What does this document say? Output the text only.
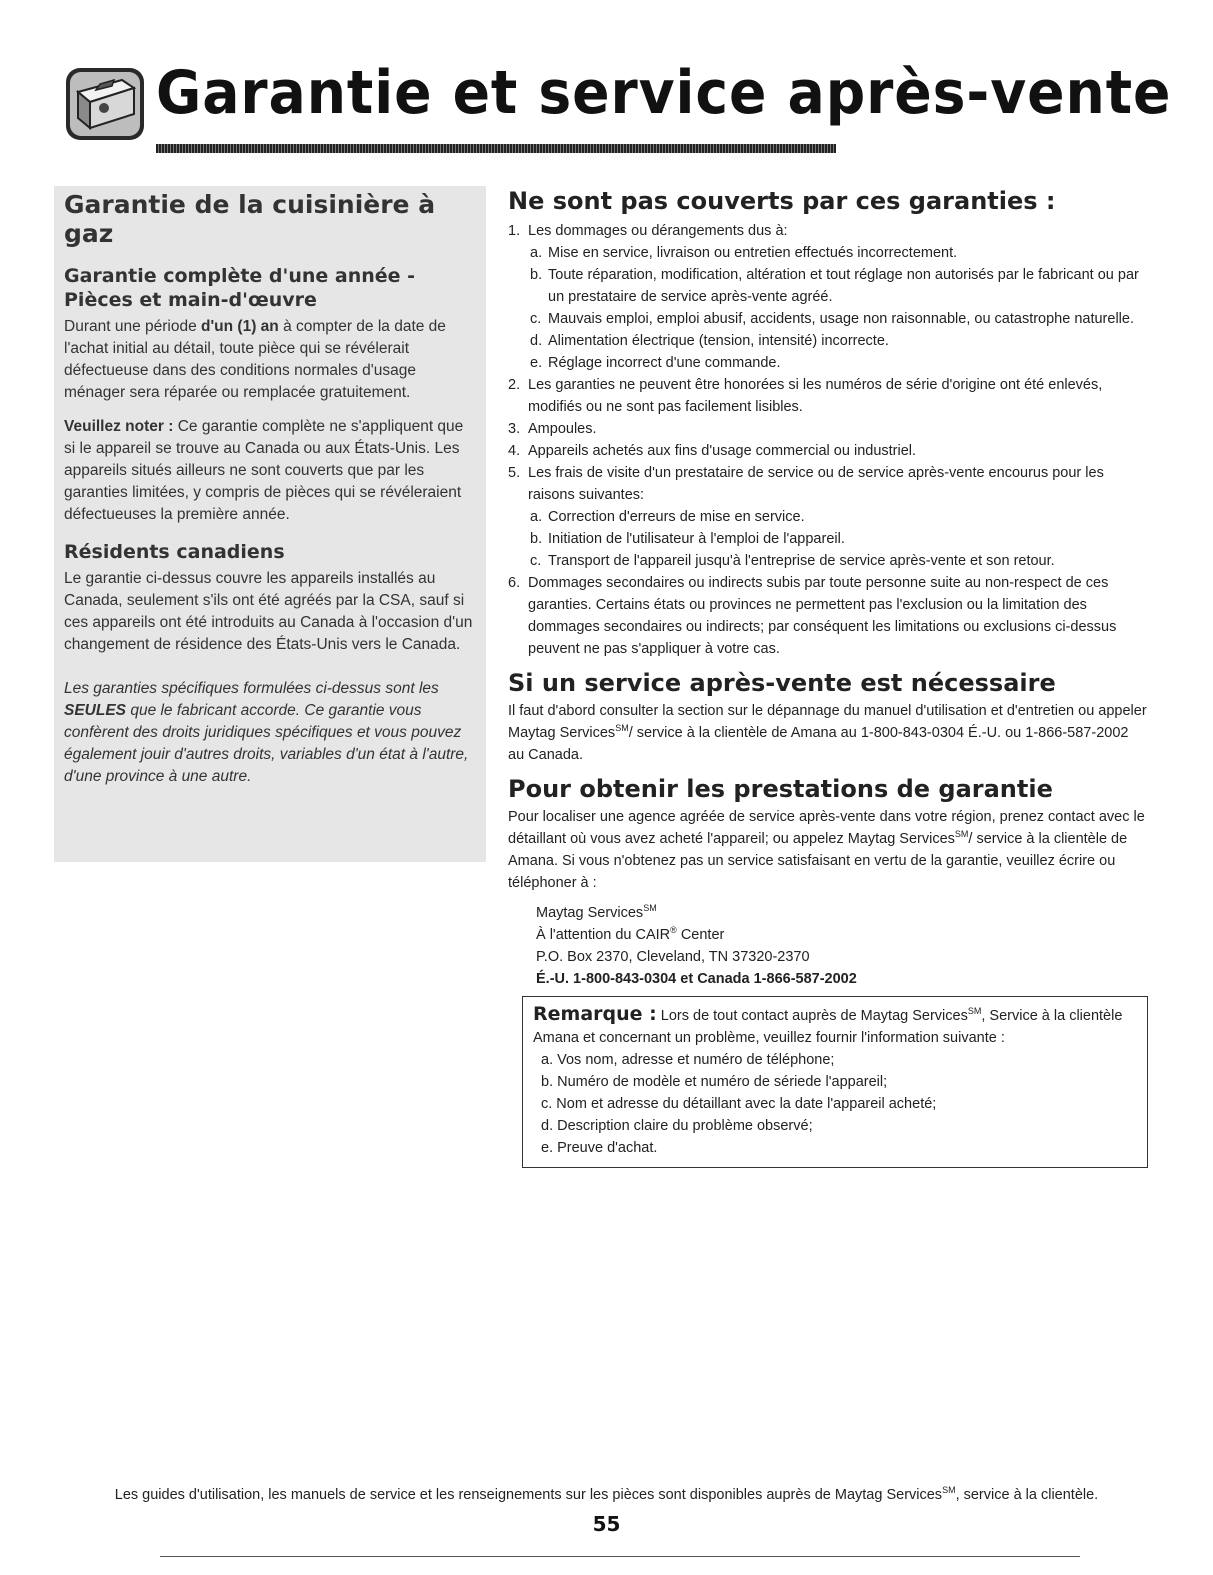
Garantie et service après-vente
Garantie de la cuisinière à gaz
Garantie complète d'une année -
Pièces et main-d'œuvre

Durant une période d'un (1) an à compter de la date de l'achat initial au détail, toute pièce qui se révélerait défectueuse dans des conditions normales d'usage ménager sera réparée ou remplacée gratuitement.

Veuillez noter : Ce garantie complète ne s'appliquent que si le appareil se trouve au Canada ou aux États-Unis. Les appareils situés ailleurs ne sont couverts que par les garanties limitées, y compris de pièces qui se révéleraient défectueuses la première année.

Résidents canadiens

Le garantie ci-dessus couvre les appareils installés au Canada, seulement s'ils ont été agréés par la CSA, sauf si ces appareils ont été introduits au Canada à l'occasion d'un changement de résidence des États-Unis vers le Canada.

Les garanties spécifiques formulées ci-dessus sont les SEULES que le fabricant accorde. Ce garantie vous confèrent des droits juridiques spécifiques et vous pouvez également jouir d'autres droits, variables d'un état à l'autre, d'une province à une autre.

Ne sont pas couverts par ces garanties :
1. Les dommages ou dérangements dus à:
a. Mise en service, livraison ou entretien effectués incorrectement.
b. Toute réparation, modification, altération et tout réglage non autorisés par le fabricant ou par un prestataire de service après-vente agréé.
c. Mauvais emploi, emploi abusif, accidents, usage non raisonnable, ou catastrophe naturelle.
d. Alimentation électrique (tension, intensité) incorrecte.
e. Réglage incorrect d'une commande.
2. Les garanties ne peuvent être honorées si les numéros de série d'origine ont été enlevés, modifiés ou ne sont pas facilement lisibles.
3. Ampoules.
4. Appareils achetés aux fins d'usage commercial ou industriel.
5. Les frais de visite d'un prestataire de service ou de service après-vente encourus pour les raisons suivantes:
a. Correction d'erreurs de mise en service.
b. Initiation de l'utilisateur à l'emploi de l'appareil.
c. Transport de l'appareil jusqu'à l'entreprise de service après-vente et son retour.
6. Dommages secondaires ou indirects subis par toute personne suite au non-respect de ces garanties. Certains états ou provinces ne permettent pas l'exclusion ou la limitation des dommages secondaires ou indirects; par conséquent les limitations ou exclusions ci-dessus peuvent ne pas s'appliquer à votre cas.
Si un service après-vente est nécessaire

Il faut d'abord consulter la section sur le dépannage du manuel d'utilisation et d'entretien ou appeler Maytag Services℠/ service à la clientèle de Amana au 1-800-843-0304 É.-U. ou 1-866-587-2002 au Canada.

Pour obtenir les prestations de garantie

Pour localiser une agence agréée de service après-vente dans votre région, prenez contact avec le détaillant où vous avez acheté l'appareil; ou appelez Maytag Services℠/ service à la clientèle de Amana. Si vous n'obtenez pas un service satisfaisant en vertu de la garantie, veuillez écrire ou téléphoner à :

Maytag Services℠
À l'attention du CAIR® Center
P.O. Box 2370, Cleveland, TN 37320-2370
É.-U. 1-800-843-0304 et Canada 1-866-587-2002
Remarque : Lors de tout contact auprès de Maytag Services℠, Service à la clientèle Amana et concernant un problème, veuillez fournir l'information suivante :
a. Vos nom, adresse et numéro de téléphone;
b. Numéro de modèle et numéro de sériede l'appareil;
c. Nom et adresse du détaillant avec la date l'appareil acheté;
d. Description claire du problème observé;
e. Preuve d'achat.
Les guides d'utilisation, les manuels de service et les renseignements sur les pièces sont disponibles auprès de Maytag Services℠, service à la clientèle.
55
